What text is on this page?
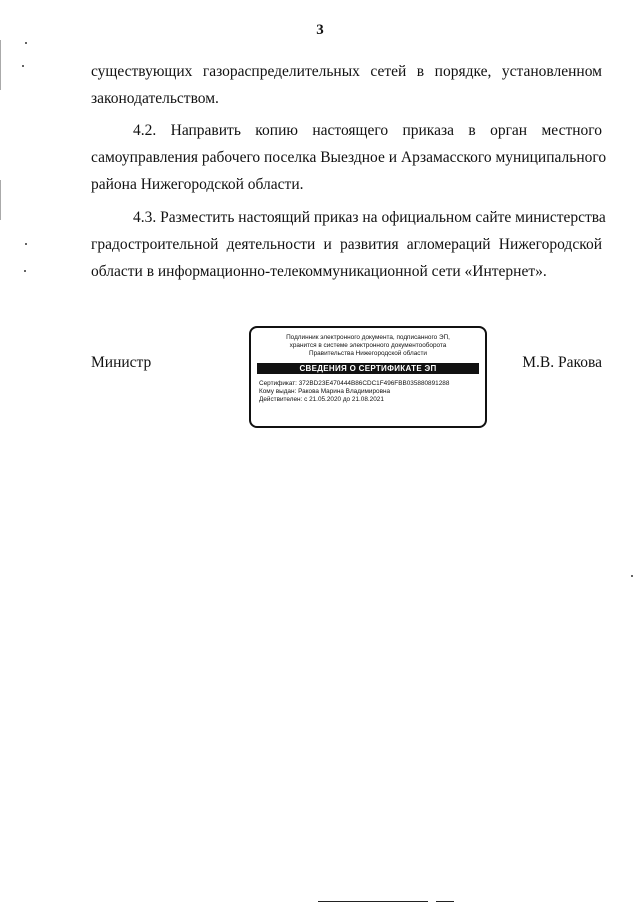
3
существующих газораспределительных сетей в порядке, установленном
законодательством.
4.2. Направить копию настоящего приказа в орган местного
самоуправления рабочего поселка Выездное и Арзамасского муниципального
района Нижегородской области.
4.3. Разместить настоящий приказ на официальном сайте министерства
градостроительной деятельности и развития агломераций Нижегородской
области в информационно-телекоммуникационной сети «Интернет».
Министр
Подлинник электронного документа, подписанного ЭП,
хранится в системе электронного документооборота
Правительства Нижегородской области
СВЕДЕНИЯ О СЕРТИФИКАТЕ ЭП
Сертификат: 372BD23E470444B86CDC1F496FBB035880891288
Кому выдан: Ракова Марина Владимировна
Действителен: с 21.05.2020 до 21.08.2021
М.В. Ракова
